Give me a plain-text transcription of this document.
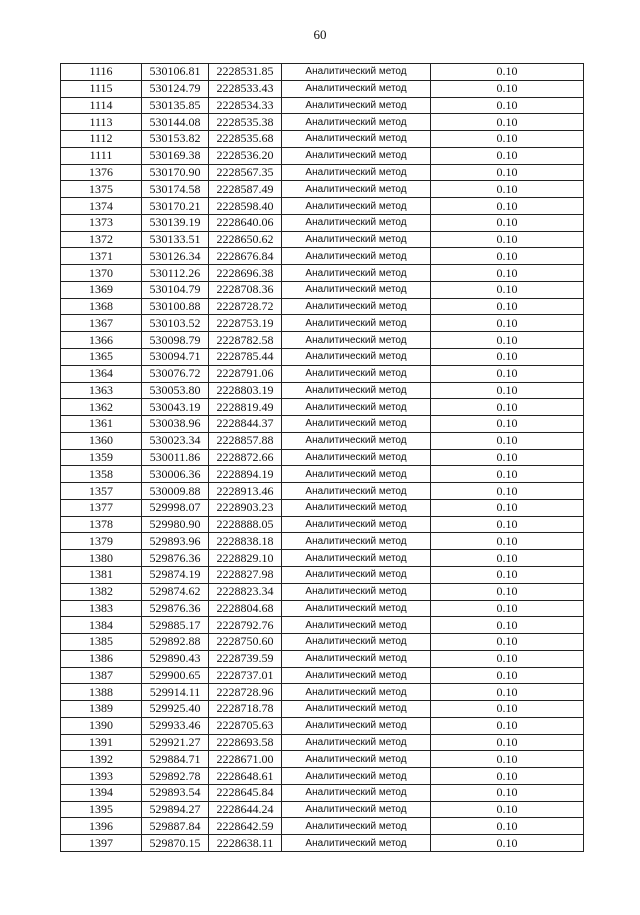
60
1116	530106.81	2228531.85	Аналитический метод	0.10
1115	530124.79	2228533.43	Аналитический метод	0.10
1114	530135.85	2228534.33	Аналитический метод	0.10
1113	530144.08	2228535.38	Аналитический метод	0.10
1112	530153.82	2228535.68	Аналитический метод	0.10
1111	530169.38	2228536.20	Аналитический метод	0.10
1376	530170.90	2228567.35	Аналитический метод	0.10
1375	530174.58	2228587.49	Аналитический метод	0.10
1374	530170.21	2228598.40	Аналитический метод	0.10
1373	530139.19	2228640.06	Аналитический метод	0.10
1372	530133.51	2228650.62	Аналитический метод	0.10
1371	530126.34	2228676.84	Аналитический метод	0.10
1370	530112.26	2228696.38	Аналитический метод	0.10
1369	530104.79	2228708.36	Аналитический метод	0.10
1368	530100.88	2228728.72	Аналитический метод	0.10
1367	530103.52	2228753.19	Аналитический метод	0.10
1366	530098.79	2228782.58	Аналитический метод	0.10
1365	530094.71	2228785.44	Аналитический метод	0.10
1364	530076.72	2228791.06	Аналитический метод	0.10
1363	530053.80	2228803.19	Аналитический метод	0.10
1362	530043.19	2228819.49	Аналитический метод	0.10
1361	530038.96	2228844.37	Аналитический метод	0.10
1360	530023.34	2228857.88	Аналитический метод	0.10
1359	530011.86	2228872.66	Аналитический метод	0.10
1358	530006.36	2228894.19	Аналитический метод	0.10
1357	530009.88	2228913.46	Аналитический метод	0.10
1377	529998.07	2228903.23	Аналитический метод	0.10
1378	529980.90	2228888.05	Аналитический метод	0.10
1379	529893.96	2228838.18	Аналитический метод	0.10
1380	529876.36	2228829.10	Аналитический метод	0.10
1381	529874.19	2228827.98	Аналитический метод	0.10
1382	529874.62	2228823.34	Аналитический метод	0.10
1383	529876.36	2228804.68	Аналитический метод	0.10
1384	529885.17	2228792.76	Аналитический метод	0.10
1385	529892.88	2228750.60	Аналитический метод	0.10
1386	529890.43	2228739.59	Аналитический метод	0.10
1387	529900.65	2228737.01	Аналитический метод	0.10
1388	529914.11	2228728.96	Аналитический метод	0.10
1389	529925.40	2228718.78	Аналитический метод	0.10
1390	529933.46	2228705.63	Аналитический метод	0.10
1391	529921.27	2228693.58	Аналитический метод	0.10
1392	529884.71	2228671.00	Аналитический метод	0.10
1393	529892.78	2228648.61	Аналитический метод	0.10
1394	529893.54	2228645.84	Аналитический метод	0.10
1395	529894.27	2228644.24	Аналитический метод	0.10
1396	529887.84	2228642.59	Аналитический метод	0.10
1397	529870.15	2228638.11	Аналитический метод	0.10
